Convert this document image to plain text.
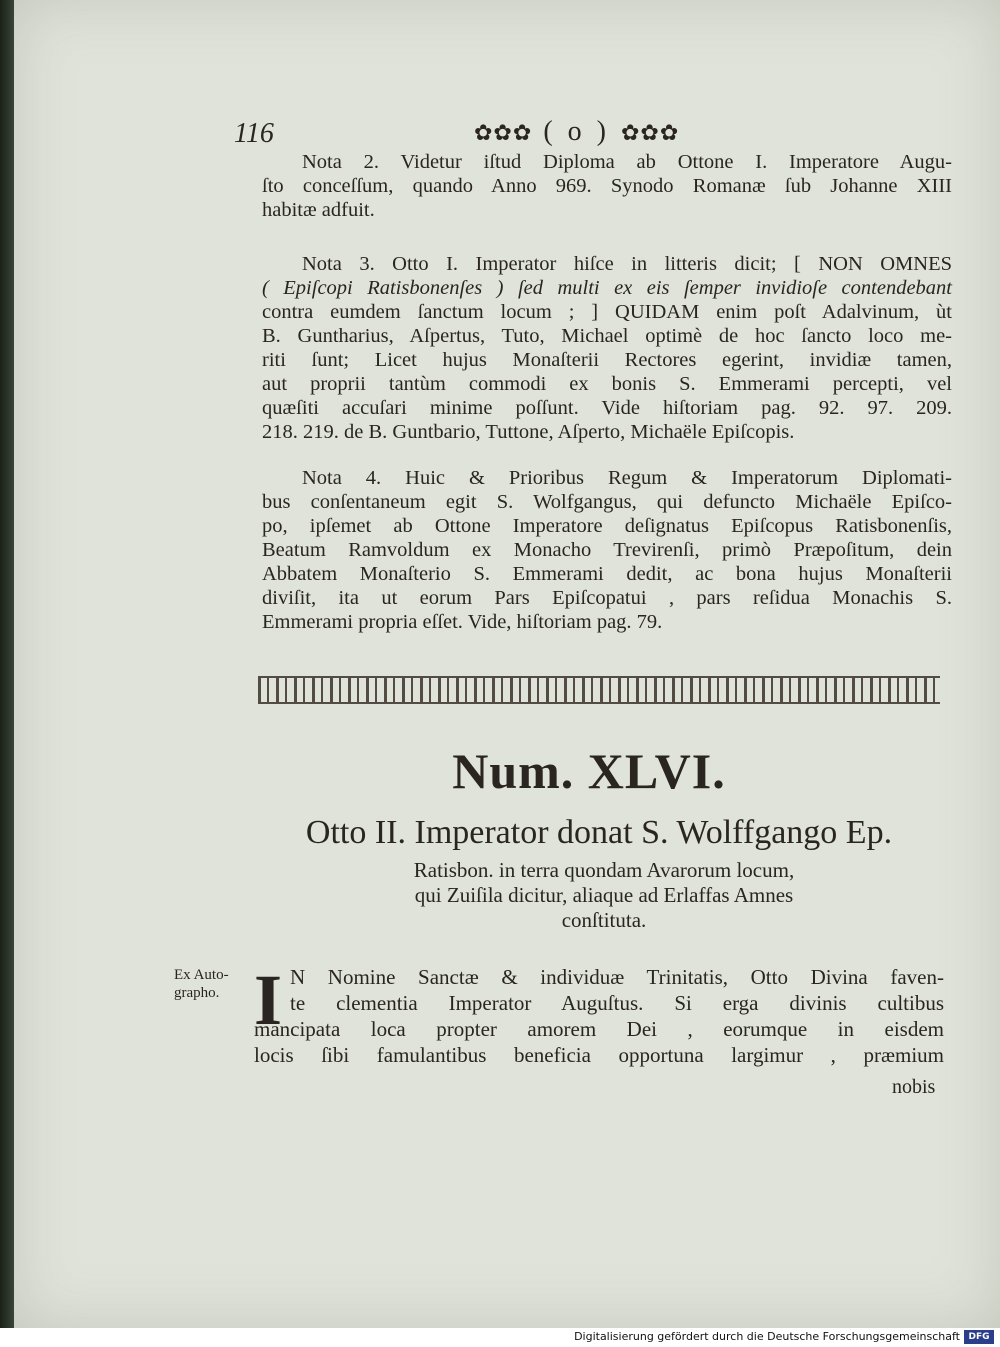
116	✿✿✿ ( o ) ✿✿✿
Nota 2. Videtur iſtud Diploma ab Ottone I. Imperatore Augu-
ſto conceſſum, quando Anno 969. Synodo Romanæ ſub Johanne XIII
habitæ adfuit.
Nota 3. Otto I. Imperator hiſce in litteris dicit; [ NON OMNES
( Epiſcopi Ratisbonenſes ) ſed multi ex eis ſemper invidioſe contendebant
contra eumdem ſanctum locum ; ] QUIDAM enim poſt Adalvinum, ùt
B. Guntharius, Aſpertus, Tuto, Michael optimè de hoc ſancto loco me-
riti ſunt; Licet hujus Monaſterii Rectores egerint, invidiæ tamen,
aut proprii tantùm commodi ex bonis S. Emmerami percepti, vel
quæſiti accuſari minime poſſunt. Vide hiſtoriam pag. 92. 97. 209.
218. 219. de B. Guntbario, Tuttone, Aſperto, Michaële Epiſcopis.
Nota 4. Huic & Prioribus Regum & Imperatorum Diplomati-
bus conſentaneum egit S. Wolfgangus, qui defuncto Michaële Epiſco-
po, ipſemet ab Ottone Imperatore deſignatus Epiſcopus Ratisbonenſis,
Beatum Ramvoldum ex Monacho Trevirenſi, primò Præpoſitum, dein
Abbatem Monaſterio S. Emmerami dedit, ac bona hujus Monaſterii
diviſit, ita ut eorum Pars Epiſcopatui , pars reſidua Monachis S.
Emmerami propria eſſet. Vide, hiſtoriam pag. 79.
Num. XLVI.
Otto II. Imperator donat S. Wolffgango Ep.
Ratisbon. in terra quondam Avarorum locum,
qui Zuiſila dicitur, aliaque ad Erlaffas Amnes
conſtituta.
Ex Auto-
grapho. I N Nomine Sanctæ & individuæ Trinitatis, Otto Divina faven-
te clementia Imperator Auguſtus. Si erga divinis cultibus
mancipata loca propter amorem Dei , eorumque in eisdem
locis ſibi famulantibus beneficia opportuna largimur , præmium
nobis
Digitalisierung gefördert durch die Deutsche Forschungsgemeinschaft DFG
